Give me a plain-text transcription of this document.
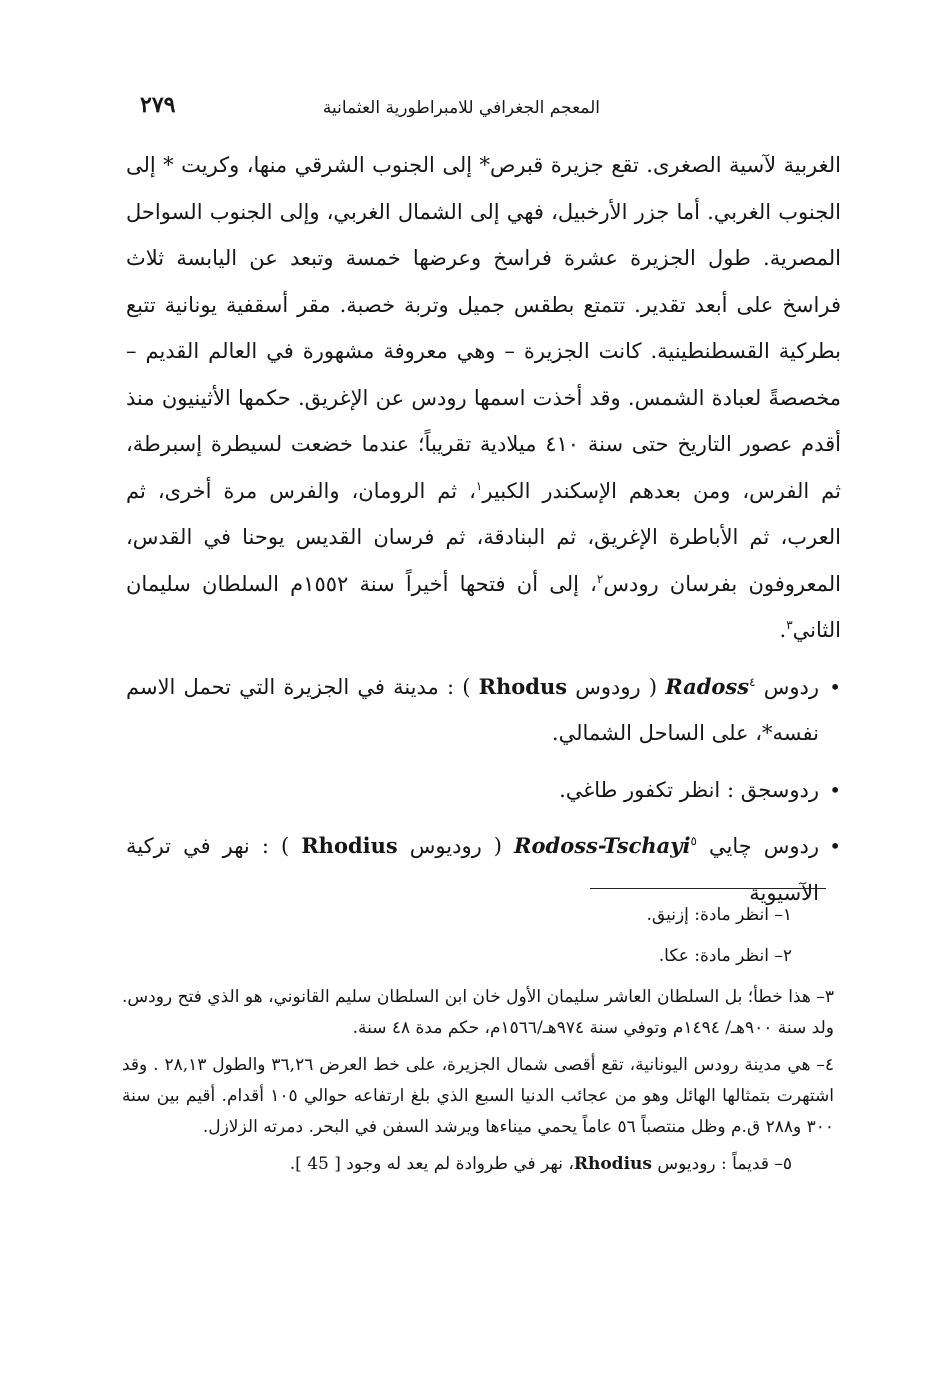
٢٧٩	المعجم الجغرافي للامبراطورية العثمانية

الغربية لآسية الصغرى. تقع جزيرة قبرص* إلى الجنوب الشرقي منها، وكريت * إلى الجنوب الغربي. أما جزر الأرخبيل، فهي إلى الشمال الغربي، وإلى الجنوب السواحل المصرية. طول الجزيرة عشرة فراسخ وعرضها خمسة وتبعد عن اليابسة ثلاث فراسخ على أبعد تقدير. تتمتع بطقس جميل وتربة خصبة. مقر أسقفية يونانية تتبع بطركية القسطنطينية. كانت الجزيرة – وهي معروفة مشهورة في العالم القديم – مخصصةً لعبادة الشمس. وقد أخذت اسمها رودس عن الإغريق. حكمها الأثينيون منذ أقدم عصور التاريخ حتى سنة ٤١٠ ميلادية تقريباً؛ عندما خضعت لسيطرة إسبرطة، ثم الفرس، ومن بعدهم الإسكندر الكبير$^١$، ثم الرومان، والفرس مرة أخرى، ثم العرب، ثم الأباطرة الإغريق، ثم البنادقة، ثم فرسان القديس يوحنا في القدس، المعروفون بفرسان رودس$^٢$، إلى أن فتحها أخيراً سنة ١٥٥٢م السلطان سليمان الثاني$^٣$.

•
ردوس Radoss$^٤$ ( رودوس Rhodus ) : مدينة في الجزيرة التي تحمل الاسم نفسه*، على الساحل الشمالي.

•
ردوسجق : انظر تكفور طاغي.

•
ردوس چايي Rodoss-Tschayi$^٥$ ( روديوس Rhodius ) : نهر في تركية الآسيوية

١– انظر مادة: إزنيق.

٢– انظر مادة: عكا.

٣– هذا خطأ؛ بل السلطان العاشر سليمان الأول خان ابن السلطان سليم القانوني، هو الذي فتح رودس. ولد سنة ٩٠٠هـ/ ١٤٩٤م وتوفي سنة ٩٧٤هـ/١٥٦٦م، حكم مدة ٤٨ سنة.

٤– هي مدينة رودس اليونانية، تقع أقصى شمال الجزيرة، على خط العرض ٣٦,٢٦ والطول ٢٨,١٣ . وقد اشتهرت بتمثالها الهائل وهو من عجائب الدنيا السبع الذي بلغ ارتفاعه حوالي ١٠٥ أقدام. أقيم بين سنة ٣٠٠ و٢٨٨ ق.م وظل منتصباً ٥٦ عاماً يحمي ميناءها ويرشد السفن في البحر. دمرته الزلازل.

٥– قديماً : روديوس Rhodius، نهر في طروادة لم يعد له وجود [ 45 ].
